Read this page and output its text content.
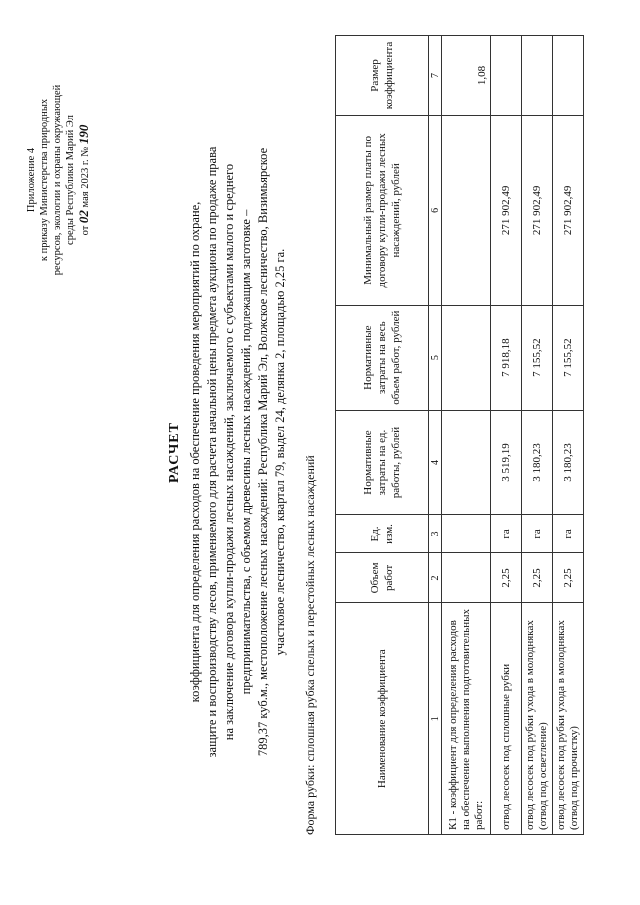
Приложение 4 к приказу Министерства природных ресурсов, экологии и охраны окружающей среды Республики Марий Эл от 02 мая 2023 г. № 190
РАСЧЕТ коэффициента для определения расходов на обеспечение проведения мероприятий по охране, защите и воспроизводству лесов, применяемого для расчета начальной цены предмета аукциона по продаже права на заключение договора купли-продажи лесных насаждений, заключаемого с субъектами малого и среднего предпринимательства, с объемом древесины лесных насаждений, подлежащим заготовке – 789,37 куб.м., местоположение лесных насаждений: Республика Марий Эл, Волжское лесничество, Визимьярское участковое лесничество, квартал 79, выдел 24, делянка 2, площадью 2,25 га. Форма рубки: сплошная рубка спелых и перестойных лесных насаждений	Наименование коэффициента	Объем работ	Ед. изм.	Нормативные затраты на ед. работы, рублей	Нормативные затраты на весь объем работ, рублей	Минимальный размер платы по договору купли-продажи лесных насаждений, рублей	Размер коэффициента
1	2	3	4	5	6	7
К1 - коэффициент для определения расходов на обеспечение выполнения подготовительных работ:						1,08
отвод лесосек под сплошные рубки	2,25	га	3 519,19	7 918,18	271 902,49	
отвод лесосек под рубки ухода в молодняках (отвод под осветление)	2,25	га	3 180,23	7 155,52	271 902,49	
отвод лесосек под рубки ухода в молодняках (отвод под прочистку)	2,25	га	3 180,23	7 155,52	271 902,49	
